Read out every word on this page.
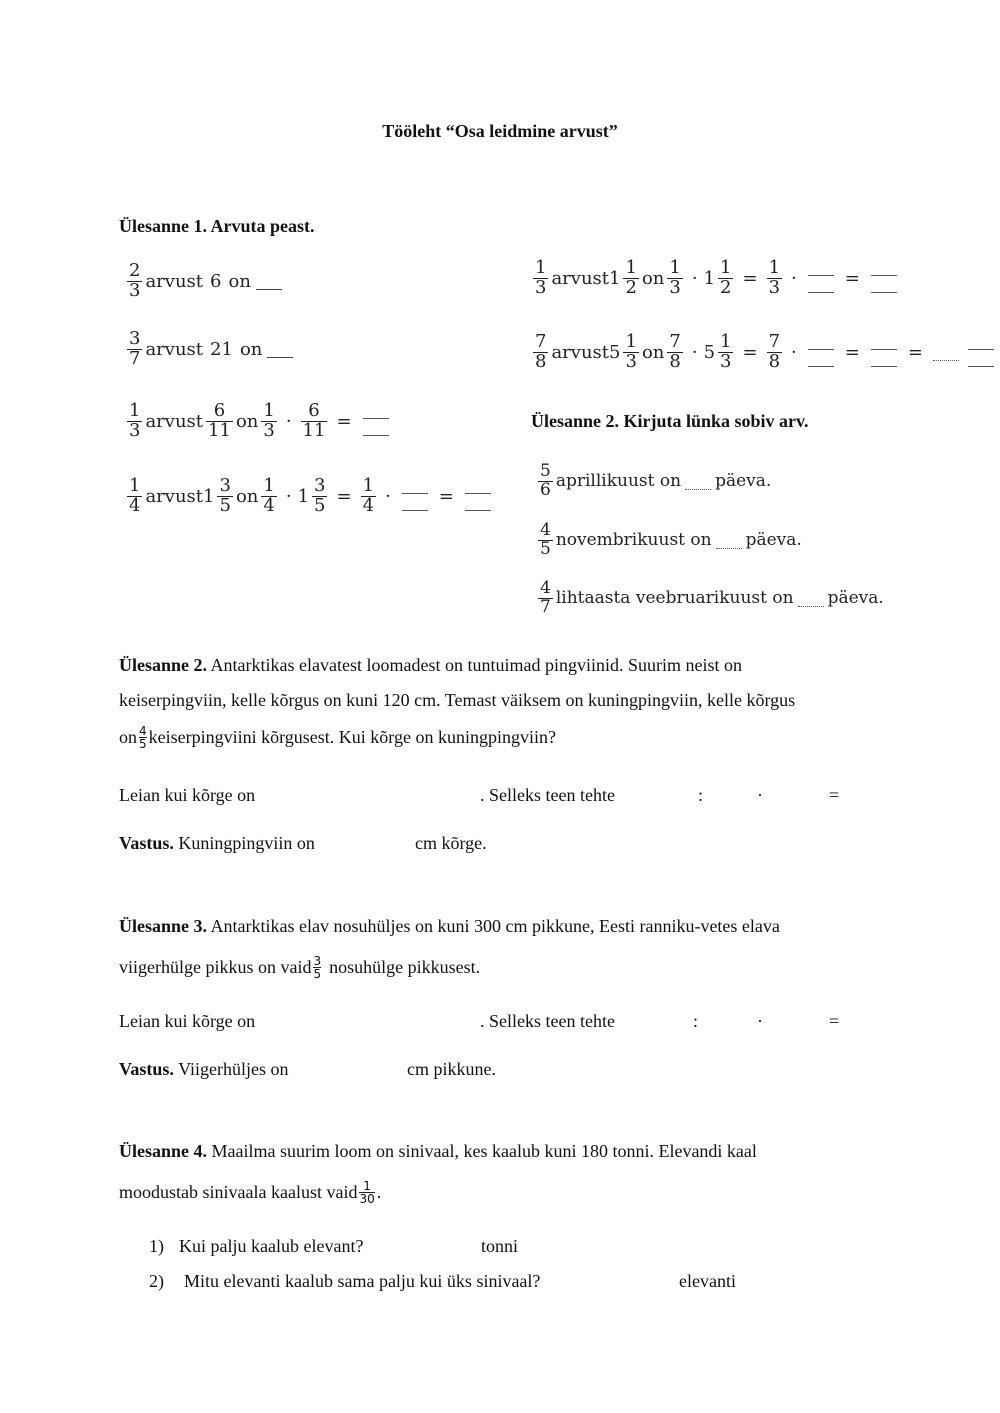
Tööleht “Osa leidmine arvust”
Ülesanne 1. Arvuta peast.
$\frac{2}{3}$ arvust 6 on
$\frac{3}{7}$ arvust 21 on
$\frac{1}{3}$ arvust $\frac{6}{11}$ on $\frac{1}{3} \cdot \frac{6}{11}$ =
$\frac{1}{4}$ arvust $1 \frac{3}{5}$ on $\frac{1}{4} \cdot 1 \frac{3}{5} = \frac{1}{4}$ ·	=
$\frac{1}{3}$ arvust $1 \frac{1}{2}$ on $\frac{1}{3} \cdot 1 \frac{1}{2} = \frac{1}{3}$ ·	=
$\frac{7}{8}$ arvust $5 \frac{1}{3}$ on $\frac{7}{8} \cdot 5 \frac{1}{3} = \frac{7}{8}$ ·	=	=
Ülesanne 2. Kirjuta lünka sobiv arv.
$\frac{5}{6}$ aprillikuust on päeva.
$\frac{4}{5}$ novembrikuust on päeva.
$\frac{4}{7}$ lihtaasta veebruarikuust on päeva.
Ülesanne 2. Antarktikas elavatest loomadest on tuntuimad pingviinid. Suurim neist on
keiserpingviin, kelle kõrgus on kuni 120 cm. Temast väiksem on kuningpingviin, kelle kõrgus
on 4
5 keiserpingviini kõrgusest. Kui kõrge on kuningpingviin?
Leian kui kõrge on	. Selleks teen tehte	:	·	=
Vastus. Kuningpingviin on	cm kõrge.
Ülesanne 3. Antarktikas elav nosuhüljes on kuni 300 cm pikkune, Eesti ranniku-vetes elava
viigerhülge pikkus on vaid 3
5 nosuhülge pikkusest.
Leian kui kõrge on	. Selleks teen tehte	:	·	=
Vastus. Viigerhüljes on	cm pikkune.
Ülesanne 4. Maailma suurim loom on sinivaal, kes kaalub kuni 180 tonni. Elevandi kaal
moodustab sinivaala kaalust vaid 1
30 .
1) Kui palju kaalub elevant?	tonni
2) Mitu elevanti kaalub sama palju kui üks sinivaal?	elevanti
